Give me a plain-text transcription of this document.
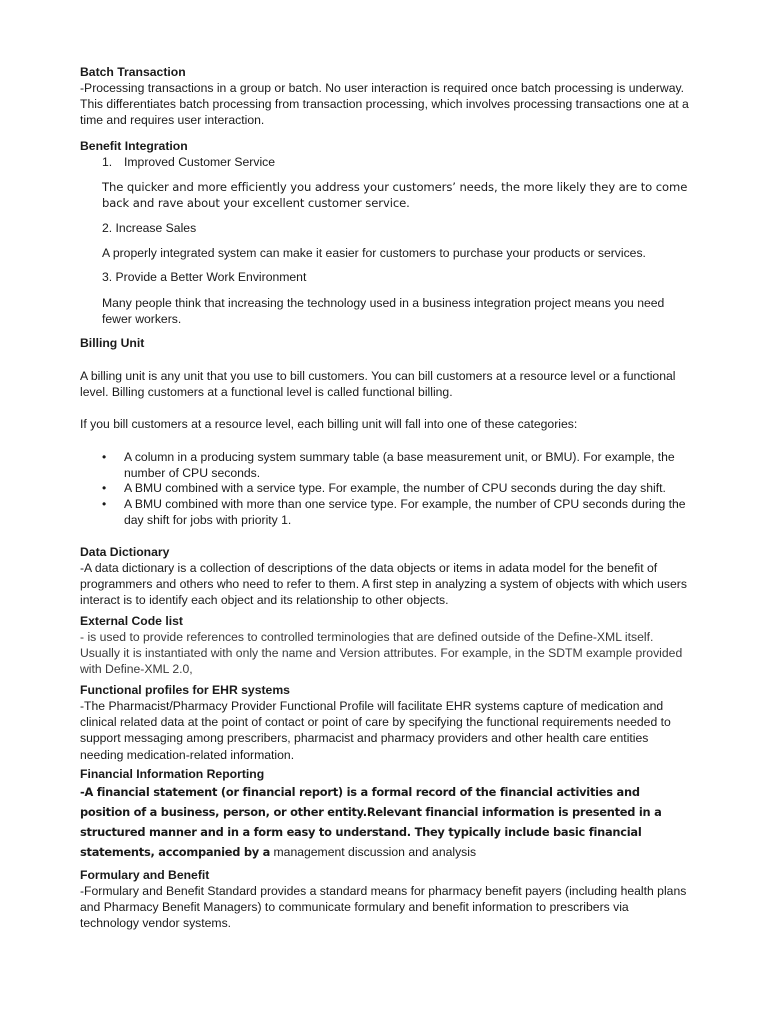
Batch Transaction

-Processing transactions in a group or batch. No user interaction is required once batch processing is underway. This differentiates batch processing from transaction processing, which involves processing transactions one at a time and requires user interaction.

Benefit Integration

1. Improved Customer Service

The quicker and more efficiently you address your customers’ needs, the more likely they are to come back and rave about your excellent customer service.

2. Increase Sales

A properly integrated system can make it easier for customers to purchase your products or services.

3. Provide a Better Work Environment

Many people think that increasing the technology used in a business integration project means you need fewer workers.

Billing Unit

A billing unit is any unit that you use to bill customers. You can bill customers at a resource level or a functional level. Billing customers at a functional level is called functional billing.

If you bill customers at a resource level, each billing unit will fall into one of these categories:

• A column in a producing system summary table (a base measurement unit, or BMU). For example, the number of CPU seconds.
• A BMU combined with a service type. For example, the number of CPU seconds during the day shift.
• A BMU combined with more than one service type. For example, the number of CPU seconds during the day shift for jobs with priority 1.

Data Dictionary

-A data dictionary is a collection of descriptions of the data objects or items in adata model for the benefit of programmers and others who need to refer to them. A first step in analyzing a system of objects with which users interact is to identify each object and its relationship to other objects.

External Code list

- is used to provide references to controlled terminologies that are defined outside of the Define-XML itself. Usually it is instantiated with only the name and Version attributes. For example, in the SDTM example provided with Define-XML 2.0,

Functional profiles for EHR systems

-The Pharmacist/Pharmacy Provider Functional Profile will facilitate EHR systems capture of medication and clinical related data at the point of contact or point of care by specifying the functional requirements needed to support messaging among prescribers, pharmacist and pharmacy providers and other health care entities needing medication-related information.

Financial Information Reporting

-A financial statement (or financial report) is a formal record of the financial activities and position of a business, person, or other entity.Relevant financial information is presented in a structured manner and in a form easy to understand. They typically include basic financial statements, accompanied by a management discussion and analysis

Formulary and Benefit

-Formulary and Benefit Standard provides a standard means for pharmacy benefit payers (including health plans and Pharmacy Benefit Managers) to communicate formulary and benefit information to prescribers via technology vendor systems.
